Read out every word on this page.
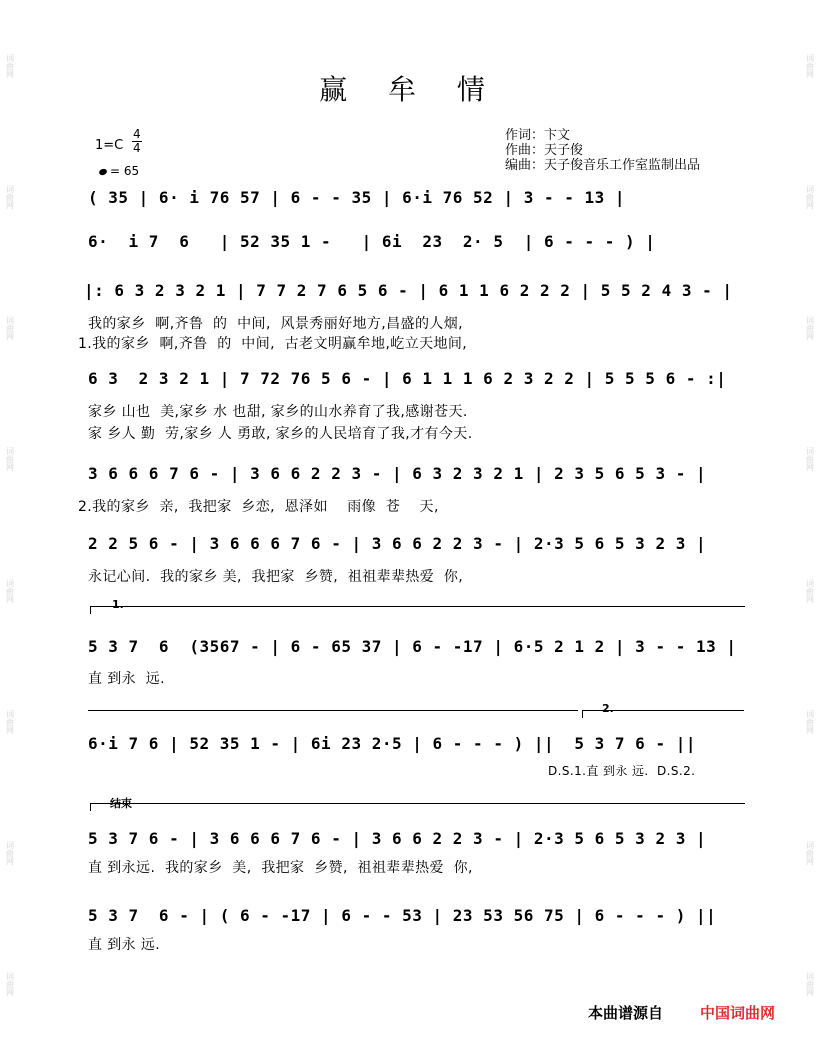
词曲网
词曲网
词曲网
词曲网
词曲网
词曲网
词曲网
词曲网
词曲网
词曲网
词曲网
词曲网
词曲网
词曲网
词曲网
词曲网
赢 牟 情
1=C
4
4
= 65
作词：卞文
作曲：天子俊
编曲：天子俊音乐工作室监制出品
( 35 | 6· i 76 57 | 6 - - 35 | 6·i 76 52 | 3 - - 13 |
6·  i 7  6   | 52 35 1 -   | 6i  23  2· 5  | 6 - - - ) |
|: 6 3 2 3 2 1 | 7 7 2 7 6 5 6 - | 6 1 1 6 2 2 2 | 5 5 2 4 3 - |
我的家乡  啊,齐鲁  的  中间,  风景秀丽好地方,昌盛的人烟,
1.我的家乡  啊,齐鲁  的  中间,  古老文明赢牟地,屹立天地间,
6 3  2 3 2 1 | 7 72 76 5 6 - | 6 1 1 1 6 2 3 2 2 | 5 5 5 6 - :|
家乡 山也  美,家乡 水 也甜, 家乡的山水养育了我,感谢苍天.
家 乡人 勤  劳,家乡 人 勇敢, 家乡的人民培育了我,才有今天.
3 6 6 6 7 6 - | 3 6 6 2 2 3 - | 6 3 2 3 2 1 | 2 3 5 6 5 3 - |
2.我的家乡  亲,  我把家  乡恋,  恩泽如    雨像  苍    天,
2 2 5 6 - | 3 6 6 6 7 6 - | 3 6 6 2 2 3 - | 2·3 5 6 5 3 2 3 |
永记心间.  我的家乡 美,  我把家  乡赞,  祖祖辈辈热爱  你,
1.
5 3 7  6  (3567 - | 6 - 65 37 | 6 - -17 | 6·5 2 1 2 | 3 - - 13 |
直 到永  远.
2.
6·i 7 6 | 52 35 1 - | 6i 23 2·5 | 6 - - - ) ||  5 3 7 6 - ||
D.S.1.直 到永 远.  D.S.2.
结束
5 3 7 6 - | 3 6 6 6 7 6 - | 3 6 6 2 2 3 - | 2·3 5 6 5 3 2 3 |
直 到永远.  我的家乡  美,  我把家  乡赞,  祖祖辈辈热爱  你,
5 3 7  6 - | ( 6 - -17 | 6 - - 53 | 23 53 56 75 | 6 - - - ) ||
直 到永 远.
本曲谱源自 中国词曲网
